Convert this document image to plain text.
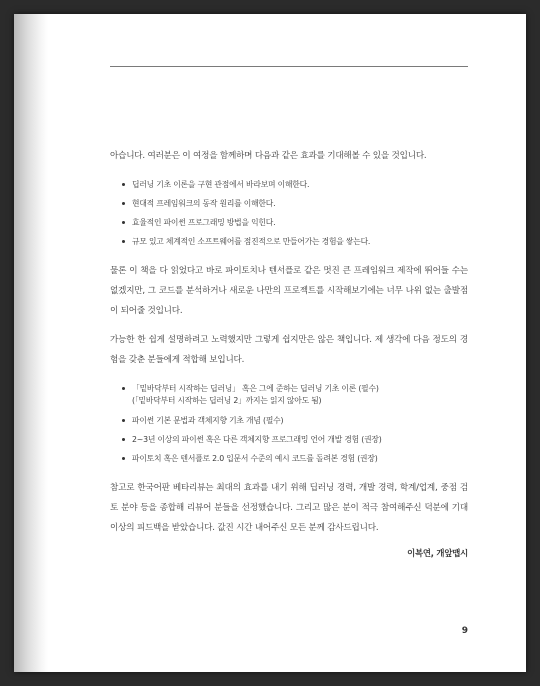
아습니다. 여러분은 이 여정을 함께하며 다음과 같은 효과를 기대해볼 수 있을 것입니다.

딥러닝 기초 이론을 구현 관점에서 바라보며 이해한다.
현대적 프레임워크의 동작 원리를 이해한다.
효율적인 파이썬 프로그래밍 방법을 익힌다.
규모 있고 체계적인 소프트웨어를 점진적으로 만들어가는 경험을 쌓는다.

물론 이 책을 다 읽었다고 바로 파이토치나 텐서플로 같은 멋진 큰 프레임워크 제작에 뛰어들 수는 없겠지만, 그 코드를 분석하거나 새로운 나만의 프로젝트를 시작해보기에는 너무 나위 없는 출발점이 되어줄 것입니다.

가능한 한 쉽게 설명하려고 노력했지만 그렇게 쉽지만은 않은 책입니다. 제 생각에 다음 정도의 경험을 갖춘 분들에게 적합해 보입니다.

「밑바닥부터 시작하는 딥러닝」 혹은 그에 준하는 딥러닝 기초 이론 (필수)
(「밑바닥부터 시작하는 딥러닝 2」까지는 읽지 않아도 됨)
파이썬 기본 문법과 객체지향 기초 개념 (필수)
2~3년 이상의 파이썬 혹은 다른 객체지향 프로그래밍 언어 개발 경험 (권장)
파이토치 혹은 텐서플로 2.0 입문서 수준의 예시 코드를 돌려본 경험 (권장)

참고로 한국어판 베타리뷰는 최대의 효과를 내기 위해 딥러닝 경력, 개발 경력, 학계/업계, 중점 검토 분야 등을 종합해 리뷰어 분들을 선정했습니다. 그리고 많은 분이 적극 참여해주신 덕분에 기대 이상의 피드백을 받았습니다. 값진 시간 내어주신 모든 분께 감사드립니다.

이복연, 개앞맵시
9
